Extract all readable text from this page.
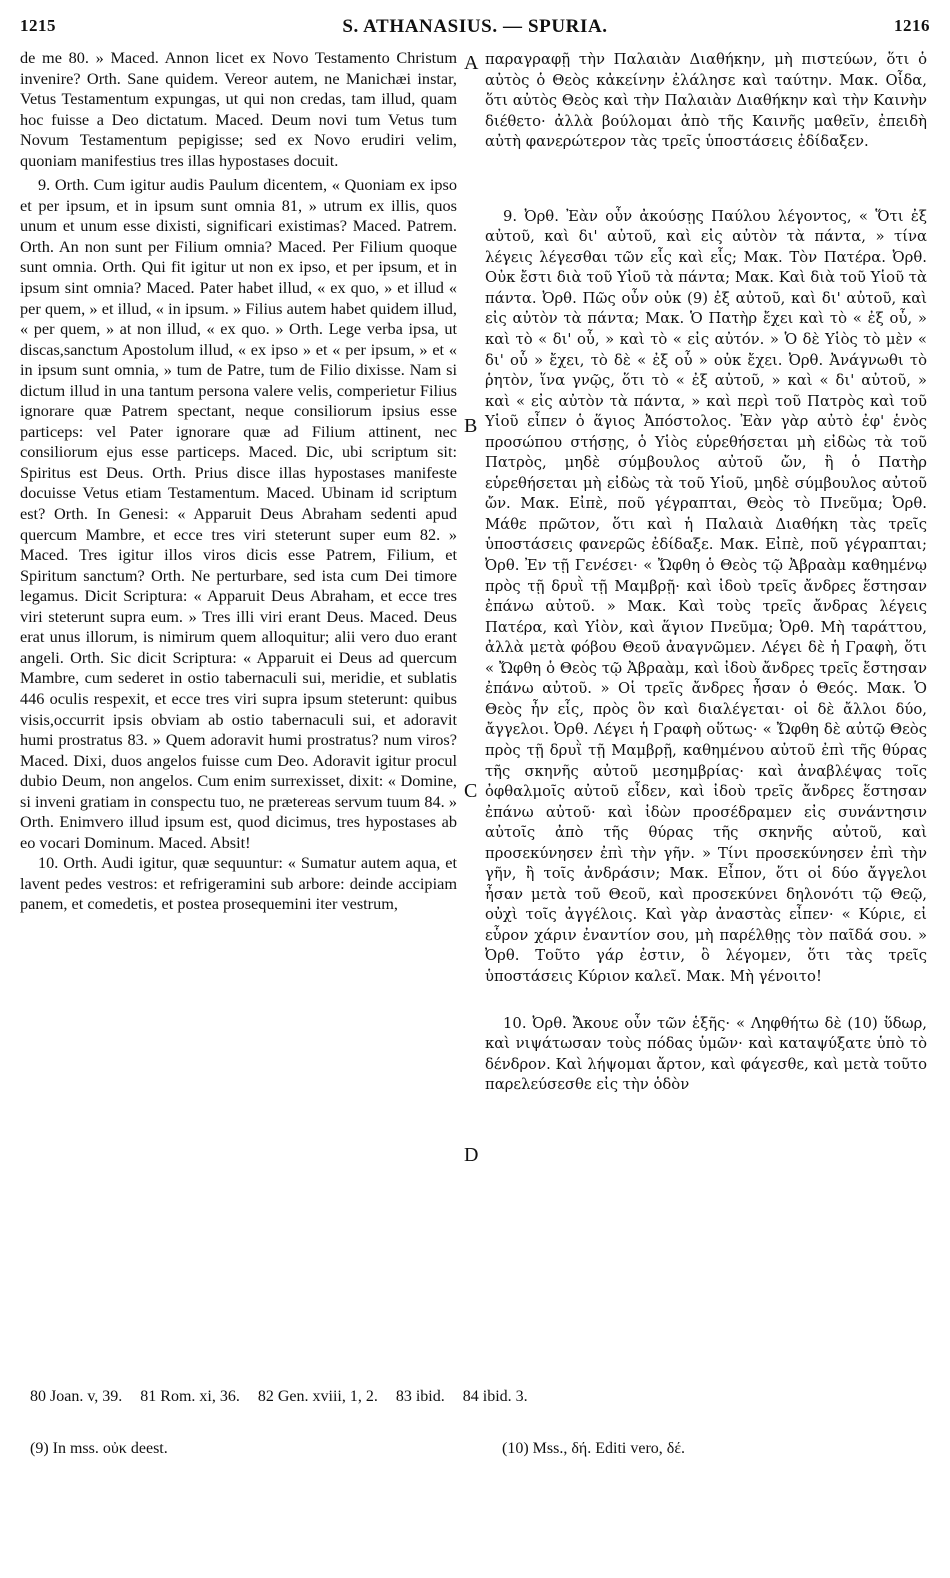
1215	S. ATHANASIUS. — SPURIA.	1216

de me 80. » Maced. Annon licet ex Novo Testamento Christum invenire? Orth. Sane quidem. Vereor autem, ne Manichæi instar, Vetus Testamentum expungas, ut qui non credas, tam illud, quam hoc fuisse a Deo dictatum. Maced. Deum novi tum Vetus tum Novum Testamentum pepigisse; sed ex Novo erudiri velim, quoniam manifestius tres illas hypostases docuit.

9. Orth. Cum igitur audis Paulum dicentem, « Quoniam ex ipso et per ipsum, et in ipsum sunt omnia 81, » utrum ex illis, quos unum et unum esse dixisti, significari existimas? Maced. Patrem. Orth. An non sunt per Filium omnia? Maced. Per Filium quoque sunt omnia. Orth. Qui fit igitur ut non ex ipso, et per ipsum, et in ipsum sint omnia? Maced. Pater habet illud, « ex quo, » et illud « per quem, » et illud, « in ipsum. » Filius autem habet quidem illud, « per quem, » at non illud, « ex quo. » Orth. Lege verba ipsa, ut discas,sanctum Apostolum illud, « ex ipso » et « per ipsum, » et « in ipsum sunt omnia, » tum de Patre, tum de Filio dixisse. Nam si dictum illud in una tantum persona valere velis, comperietur Filius ignorare quæ Patrem spectant, neque consiliorum ipsius esse particeps: vel Pater ignorare quæ ad Filium attinent, nec consiliorum ejus esse particeps. Maced. Dic, ubi scriptum sit: Spiritus est Deus. Orth. Prius disce illas hypostases manifeste docuisse Vetus etiam Testamentum. Maced. Ubinam id scriptum est? Orth. In Genesi: « Apparuit Deus Abraham sedenti apud quercum Mambre, et ecce tres viri steterunt super eum 82. » Maced. Tres igitur illos viros dicis esse Patrem, Filium, et Spiritum sanctum? Orth. Ne perturbare, sed ista cum Dei timore legamus. Dicit Scriptura: « Apparuit Deus Abraham, et ecce tres viri steterunt supra eum. » Tres illi viri erant Deus. Maced. Deus erat unus illorum, is nimirum quem alloquitur; alii vero duo erant angeli. Orth. Sic dicit Scriptura: « Apparuit ei Deus ad quercum Mambre, cum sederet in ostio tabernaculi sui, meridie, et sublatis 446 oculis respexit, et ecce tres viri supra ipsum steterunt: quibus visis,occurrit ipsis obviam ab ostio tabernaculi sui, et adoravit humi prostratus 83. » Quem adoravit humi prostratus? num viros? Maced. Dixi, duos angelos fuisse cum Deo. Adoravit igitur procul dubio Deum, non angelos. Cum enim surrexisset, dixit: « Domine, si inveni gratiam in conspectu tuo, ne prætereas servum tuum 84. » Orth. Enimvero illud ipsum est, quod dicimus, tres hypostases ab eo vocari Dominum. Maced. Absit!

10. Orth. Audi igitur, quæ sequuntur: « Sumatur autem aqua, et lavent pedes vestros: et refrigeramini sub arbore: deinde accipiam panem, et comedetis, et postea prosequemini iter vestrum,

παραγραφῇ τὴν Παλαιὰν Διαθήκην, μὴ πιστεύων, ὅτι ὁ αὐτὸς ὁ Θεὸς κἀκείνην ἐλάλησε καὶ ταύτην. Μακ. Οἶδα, ὅτι αὐτὸς Θεὸς καὶ τὴν Παλαιὰν Διαθήκην καὶ τὴν Καινὴν διέθετο· ἀλλὰ βούλομαι ἀπὸ τῆς Καινῆς μαθεῖν, ἐπειδὴ αὐτὴ φανερώτερον τὰς τρεῖς ὑποστάσεις ἐδίδαξεν.

9. Ὀρθ. Ἐὰν οὖν ἀκούσῃς Παύλου λέγοντος, « Ὅτι ἐξ αὐτοῦ, καὶ δι' αὐτοῦ, καὶ εἰς αὐτὸν τὰ πάντα, » τίνα λέγεις λέγεσθαι τῶν εἷς καὶ εἷς; Μακ. Τὸν Πατέρα. Ὀρθ. Οὐκ ἔστι διὰ τοῦ Υἱοῦ τὰ πάντα; Μακ. Καὶ διὰ τοῦ Υἱοῦ τὰ πάντα. Ὀρθ. Πῶς οὖν οὐκ (9) ἐξ αὐτοῦ, καὶ δι' αὐτοῦ, καὶ εἰς αὐτὸν τὰ πάντα; Μακ. Ὁ Πατὴρ ἔχει καὶ τὸ « ἐξ οὗ, » καὶ τὸ « δι' οὗ, » καὶ τὸ « εἰς αὐτόν. » Ὁ δὲ Υἱὸς τὸ μὲν « δι' οὗ » ἔχει, τὸ δὲ « ἐξ οὗ » οὐκ ἔχει. Ὀρθ. Ἀνάγνωθι τὸ ῥητὸν, ἵνα γνῷς, ὅτι τὸ « ἐξ αὐτοῦ, » καὶ « δι' αὐτοῦ, » καὶ « εἰς αὐτὸν τὰ πάντα, » καὶ περὶ τοῦ Πατρὸς καὶ τοῦ Υἱοῦ εἶπεν ὁ ἅγιος Ἀπόστολος. Ἐὰν γὰρ αὐτὸ ἐφ' ἑνὸς προσώπου στήσῃς, ὁ Υἱὸς εὑρεθήσεται μὴ εἰδὼς τὰ τοῦ Πατρὸς, μηδὲ σύμβουλος αὐτοῦ ὤν, ἢ ὁ Πατὴρ εὑρεθήσεται μὴ εἰδὼς τὰ τοῦ Υἱοῦ, μηδὲ σύμβουλος αὐτοῦ ὤν. Μακ. Εἰπὲ, ποῦ γέγραπται, Θεὸς τὸ Πνεῦμα; Ὀρθ. Μάθε πρῶτον, ὅτι καὶ ἡ Παλαιὰ Διαθήκη τὰς τρεῖς ὑποστάσεις φανερῶς ἐδίδαξε. Μακ. Εἰπὲ, ποῦ γέγραπται; Ὀρθ. Ἐν τῇ Γενέσει· « Ὤφθη ὁ Θεὸς τῷ Ἀβραὰμ καθημένῳ πρὸς τῇ δρυῒ τῇ Μαμβρῇ· καὶ ἰδοὺ τρεῖς ἄνδρες ἕστησαν ἐπάνω αὐτοῦ. » Μακ. Καὶ τοὺς τρεῖς ἄνδρας λέγεις Πατέρα, καὶ Υἱὸν, καὶ ἅγιον Πνεῦμα; Ὀρθ. Μὴ ταράττου, ἀλλὰ μετὰ φόβου Θεοῦ ἀναγνῶμεν. Λέγει δὲ ἡ Γραφὴ, ὅτι « Ὤφθη ὁ Θεὸς τῷ Ἀβραὰμ, καὶ ἰδοὺ ἄνδρες τρεῖς ἔστησαν ἐπάνω αὐτοῦ. » Οἱ τρεῖς ἄνδρες ἦσαν ὁ Θεός. Μακ. Ὁ Θεὸς ἦν εἷς, πρὸς ὃν καὶ διαλέγεται· οἱ δὲ ἄλλοι δύο, ἄγγελοι. Ὀρθ. Λέγει ἡ Γραφὴ οὕτως· « Ὤφθη δὲ αὐτῷ Θεὸς πρὸς τῇ δρυῒ τῇ Μαμβρῇ, καθημένου αὐτοῦ ἐπὶ τῆς θύρας τῆς σκηνῆς αὐτοῦ μεσημβρίας· καὶ ἀναβλέψας τοῖς ὀφθαλμοῖς αὐτοῦ εἶδεν, καὶ ἰδοὺ τρεῖς ἄνδρες ἕστησαν ἐπάνω αὐτοῦ· καὶ ἰδὼν προσέδραμεν εἰς συνάντησιν αὐτοῖς ἀπὸ τῆς θύρας τῆς σκηνῆς αὐτοῦ, καὶ προσεκύνησεν ἐπὶ τὴν γῆν. » Τίνι προσεκύνησεν ἐπὶ τὴν γῆν, ἢ τοῖς ἀνδράσιν; Μακ. Εἶπον, ὅτι οἱ δύο ἄγγελοι ἦσαν μετὰ τοῦ Θεοῦ, καὶ προσεκύνει δηλονότι τῷ Θεῷ, οὐχὶ τοῖς ἀγγέλοις. Καὶ γὰρ ἀναστὰς εἶπεν· « Κύριε, εἰ εὗρον χάριν ἐναντίον σου, μὴ παρέλθῃς τὸν παῖδά σου. » Ὀρθ. Τοῦτο γάρ ἐστιν, ὃ λέγομεν, ὅτι τὰς τρεῖς ὑποστάσεις Κύριον καλεῖ. Μακ. Μὴ γένοιτο!

10. Ὀρθ. Ἄκουε οὖν τῶν ἑξῆς· « Ληφθήτω δὲ (10) ὕδωρ, καὶ νιψάτωσαν τοὺς πόδας ὑμῶν· καὶ καταψύξατε ὑπὸ τὸ δένδρον. Καὶ λήψομαι ἄρτον, καὶ φάγεσθε, καὶ μετὰ τοῦτο παρελεύσεσθε εἰς τὴν ὁδὸν

A
B
C
D
80 Joan. v, 39. 81 Rom. xi, 36. 82 Gen. xviii, 1, 2. 83 ibid. 84 ibid. 3.
(9) In mss. οὐκ deest.	(10) Mss., δή. Editi vero, δέ.
